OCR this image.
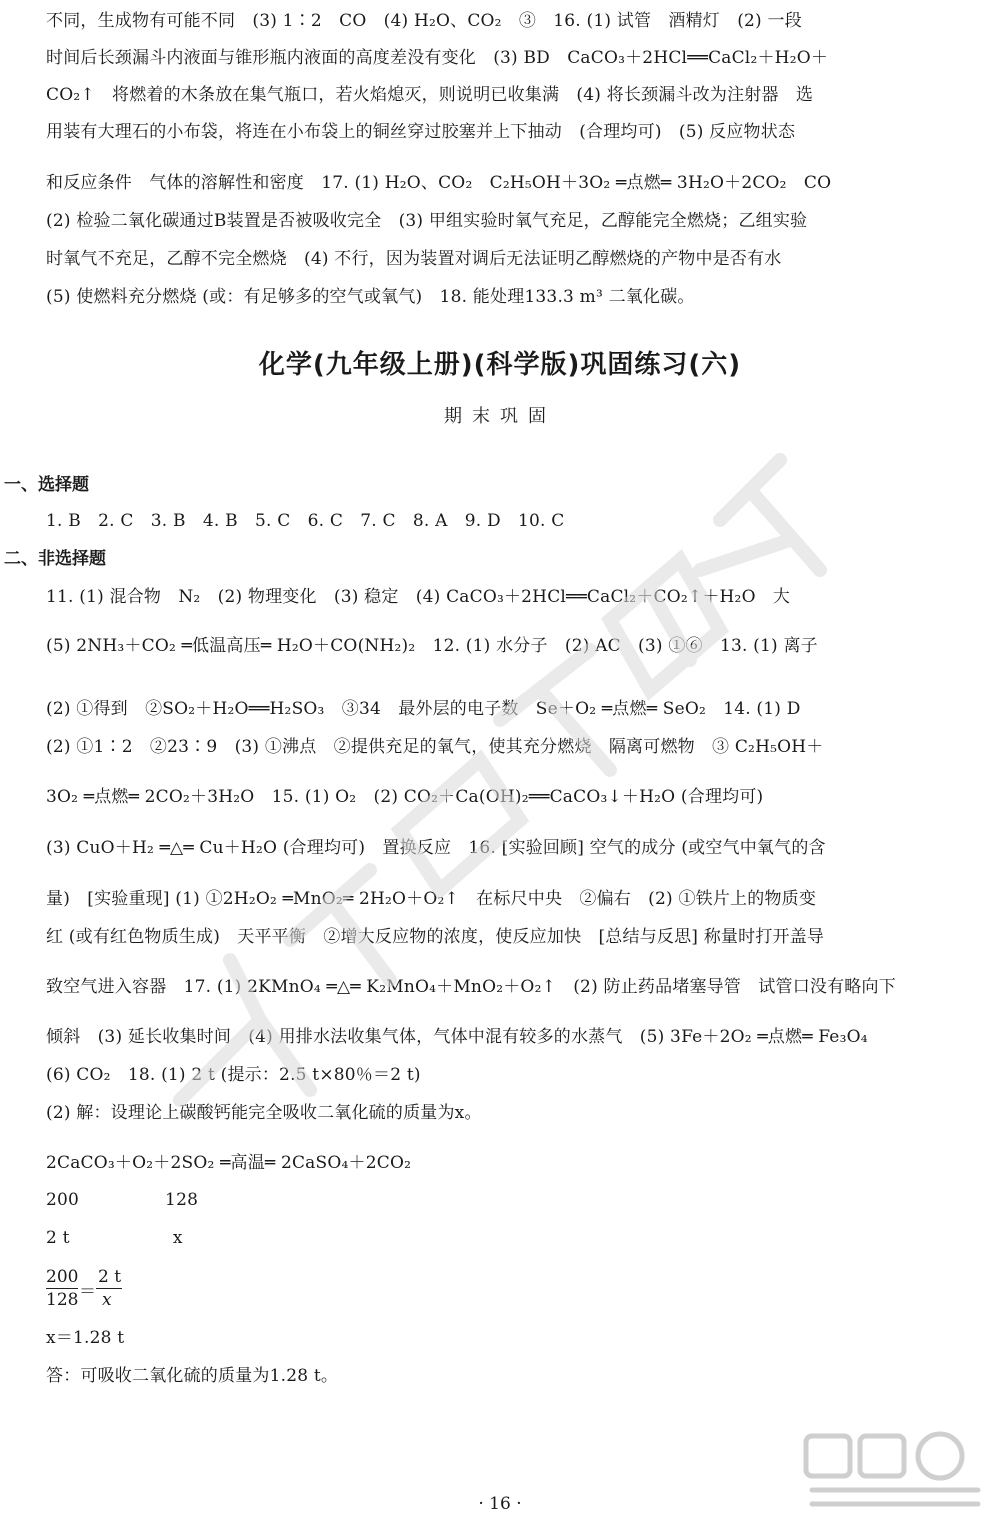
不同，生成物有可能不同　(3) 1∶2　CO　(4) H₂O、CO₂　③　16. (1) 试管　酒精灯　(2) 一段
时间后长颈漏斗内液面与锥形瓶内液面的高度差没有变化　(3) BD　CaCO₃＋2HCl══CaCl₂＋H₂O＋
CO₂↑　将燃着的木条放在集气瓶口，若火焰熄灭，则说明已收集满　(4) 将长颈漏斗改为注射器　选
用装有大理石的小布袋，将连在小布袋上的铜丝穿过胶塞并上下抽动　(合理均可)　(5) 反应物状态
和反应条件　气体的溶解性和密度　17. (1) H₂O、CO₂　C₂H₅OH＋3O₂ ═点燃═ 3H₂O＋2CO₂　CO
(2) 检验二氧化碳通过B装置是否被吸收完全　(3) 甲组实验时氧气充足，乙醇能完全燃烧；乙组实验
时氧气不充足，乙醇不完全燃烧　(4) 不行，因为装置对调后无法证明乙醇燃烧的产物中是否有水
(5) 使燃料充分燃烧 (或：有足够多的空气或氧气)　18. 能处理133.3 m³ 二氧化碳。
化学(九年级上册)(科学版)巩固练习(六)
期末巩固
一、选择题
1. B　2. C　3. B　4. B　5. C　6. C　7. C　8. A　9. D　10. C
二、非选择题
11. (1) 混合物　N₂　(2) 物理变化　(3) 稳定　(4) CaCO₃＋2HCl══CaCl₂＋CO₂↑＋H₂O　大
(5) 2NH₃＋CO₂ ═低温高压═ H₂O＋CO(NH₂)₂　12. (1) 水分子　(2) AC　(3) ①⑥　13. (1) 离子
(2) ①得到　②SO₂＋H₂O══H₂SO₃　③34　最外层的电子数　Se＋O₂ ═点燃═ SeO₂　14. (1) D
(2) ①1∶2　②23∶9　(3) ①沸点　②提供充足的氧气，使其充分燃烧　隔离可燃物　③ C₂H₅OH＋
3O₂ ═点燃═ 2CO₂＋3H₂O　15. (1) O₂　(2) CO₂＋Ca(OH)₂══CaCO₃↓＋H₂O (合理均可)
(3) CuO＋H₂ ═△═ Cu＋H₂O (合理均可)　置换反应　16. [实验回顾] 空气的成分 (或空气中氧气的含
量)　[实验重现] (1) ①2H₂O₂ ═MnO₂═ 2H₂O＋O₂↑　在标尺中央　②偏右　(2) ①铁片上的物质变
红 (或有红色物质生成)　天平平衡　②增大反应物的浓度，使反应加快　[总结与反思] 称量时打开盖导
致空气进入容器　17. (1) 2KMnO₄ ═△═ K₂MnO₄＋MnO₂＋O₂↑　(2) 防止药品堵塞导管　试管口没有略向下
倾斜　(3) 延长收集时间　(4) 用排水法收集气体，气体中混有较多的水蒸气　(5) 3Fe＋2O₂ ═点燃═ Fe₃O₄
(6) CO₂　18. (1) 2 t (提示：2.5 t×80％＝2 t)
(2) 解：设理论上碳酸钙能完全吸收二氧化硫的质量为x。
2CaCO₃＋O₂＋2SO₂ ═高温═ 2CaSO₄＋2CO₂
200　　　　　128
2 t　　　　　　x
200
128 ＝
2 t
x
x＝1.28 t
答：可吸收二氧化硫的质量为1.28 t。
· 16 ·
